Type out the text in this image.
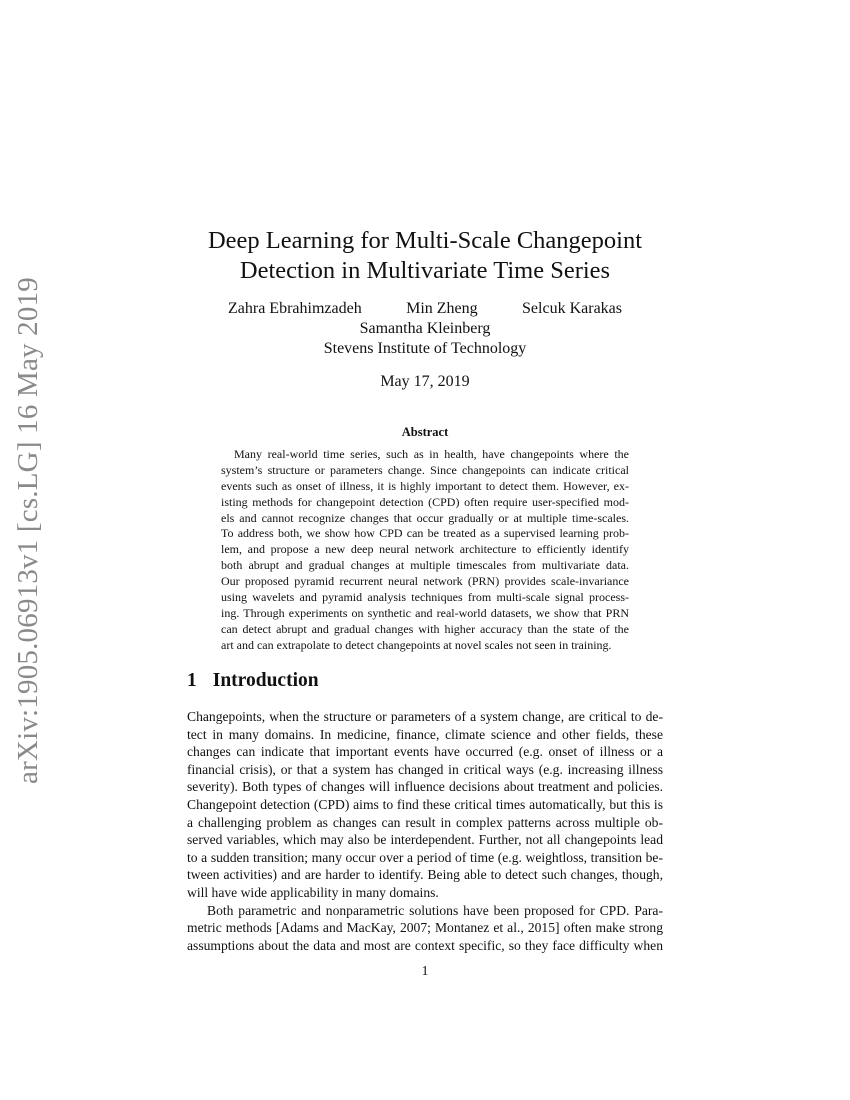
arXiv:1905.06913v1 [cs.LG] 16 May 2019
Deep Learning for Multi-Scale Changepoint
Detection in Multivariate Time Series
Zahra Ebrahimzadeh	Min Zheng	Selcuk Karakas
Samantha Kleinberg
Stevens Institute of Technology
May 17, 2019
Abstract
Many real-world time series, such as in health, have changepoints where the
system’s structure or parameters change. Since changepoints can indicate critical
events such as onset of illness, it is highly important to detect them. However, ex-
isting methods for changepoint detection (CPD) often require user-specified mod-
els and cannot recognize changes that occur gradually or at multiple time-scales.
To address both, we show how CPD can be treated as a supervised learning prob-
lem, and propose a new deep neural network architecture to efficiently identify
both abrupt and gradual changes at multiple timescales from multivariate data.
Our proposed pyramid recurrent neural network (PRN) provides scale-invariance
using wavelets and pyramid analysis techniques from multi-scale signal process-
ing. Through experiments on synthetic and real-world datasets, we show that PRN
can detect abrupt and gradual changes with higher accuracy than the state of the
art and can extrapolate to detect changepoints at novel scales not seen in training.
1 Introduction
Changepoints, when the structure or parameters of a system change, are critical to de-
tect in many domains. In medicine, finance, climate science and other fields, these
changes can indicate that important events have occurred (e.g. onset of illness or a
financial crisis), or that a system has changed in critical ways (e.g. increasing illness
severity). Both types of changes will influence decisions about treatment and policies.
Changepoint detection (CPD) aims to find these critical times automatically, but this is
a challenging problem as changes can result in complex patterns across multiple ob-
served variables, which may also be interdependent. Further, not all changepoints lead
to a sudden transition; many occur over a period of time (e.g. weightloss, transition be-
tween activities) and are harder to identify. Being able to detect such changes, though,
will have wide applicability in many domains.
Both parametric and nonparametric solutions have been proposed for CPD. Para-
metric methods [Adams and MacKay, 2007; Montanez et al., 2015] often make strong
assumptions about the data and most are context specific, so they face difficulty when
1
